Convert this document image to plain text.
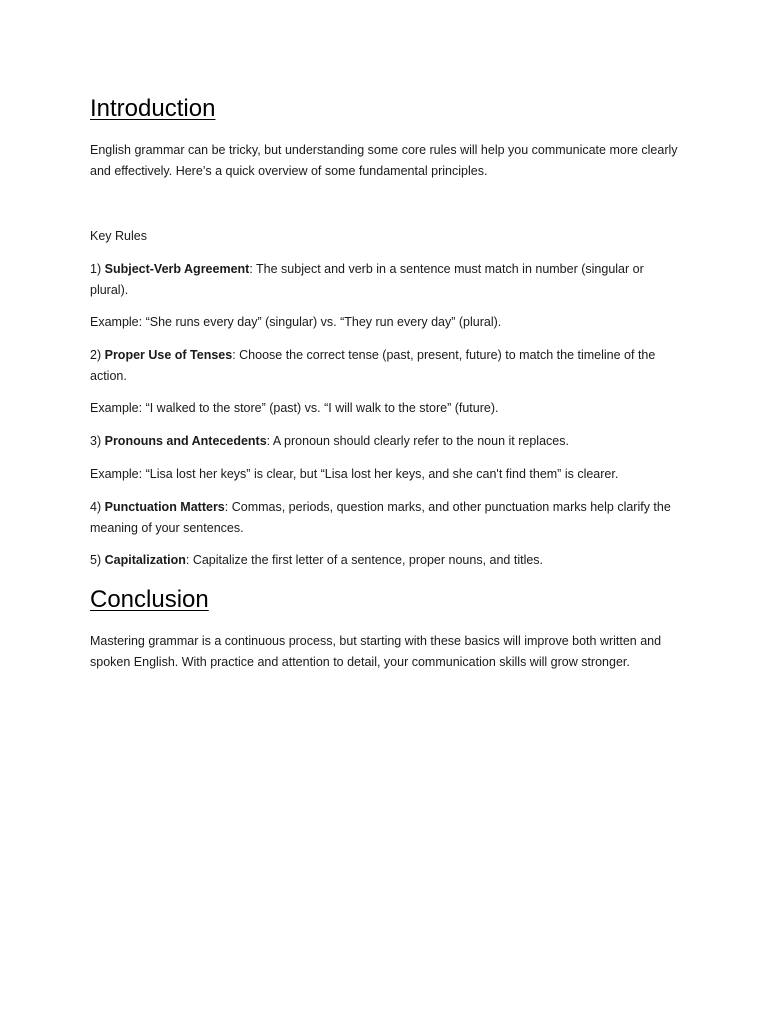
Introduction

English grammar can be tricky, but understanding some core rules will help you communicate more clearly and effectively. Here’s a quick overview of some fundamental principles.

Key Rules

1) Subject-Verb Agreement: The subject and verb in a sentence must match in number (singular or plural).

Example: “She runs every day” (singular) vs. “They run every day” (plural).

2) Proper Use of Tenses: Choose the correct tense (past, present, future) to match the timeline of the action.

Example: “I walked to the store” (past) vs. “I will walk to the store” (future).

3) Pronouns and Antecedents: A pronoun should clearly refer to the noun it replaces.

Example: “Lisa lost her keys” is clear, but “Lisa lost her keys, and she can't find them” is clearer.

4) Punctuation Matters: Commas, periods, question marks, and other punctuation marks help clarify the meaning of your sentences.

5) Capitalization: Capitalize the first letter of a sentence, proper nouns, and titles.

Conclusion

Mastering grammar is a continuous process, but starting with these basics will improve both written and spoken English. With practice and attention to detail, your communication skills will grow stronger.
